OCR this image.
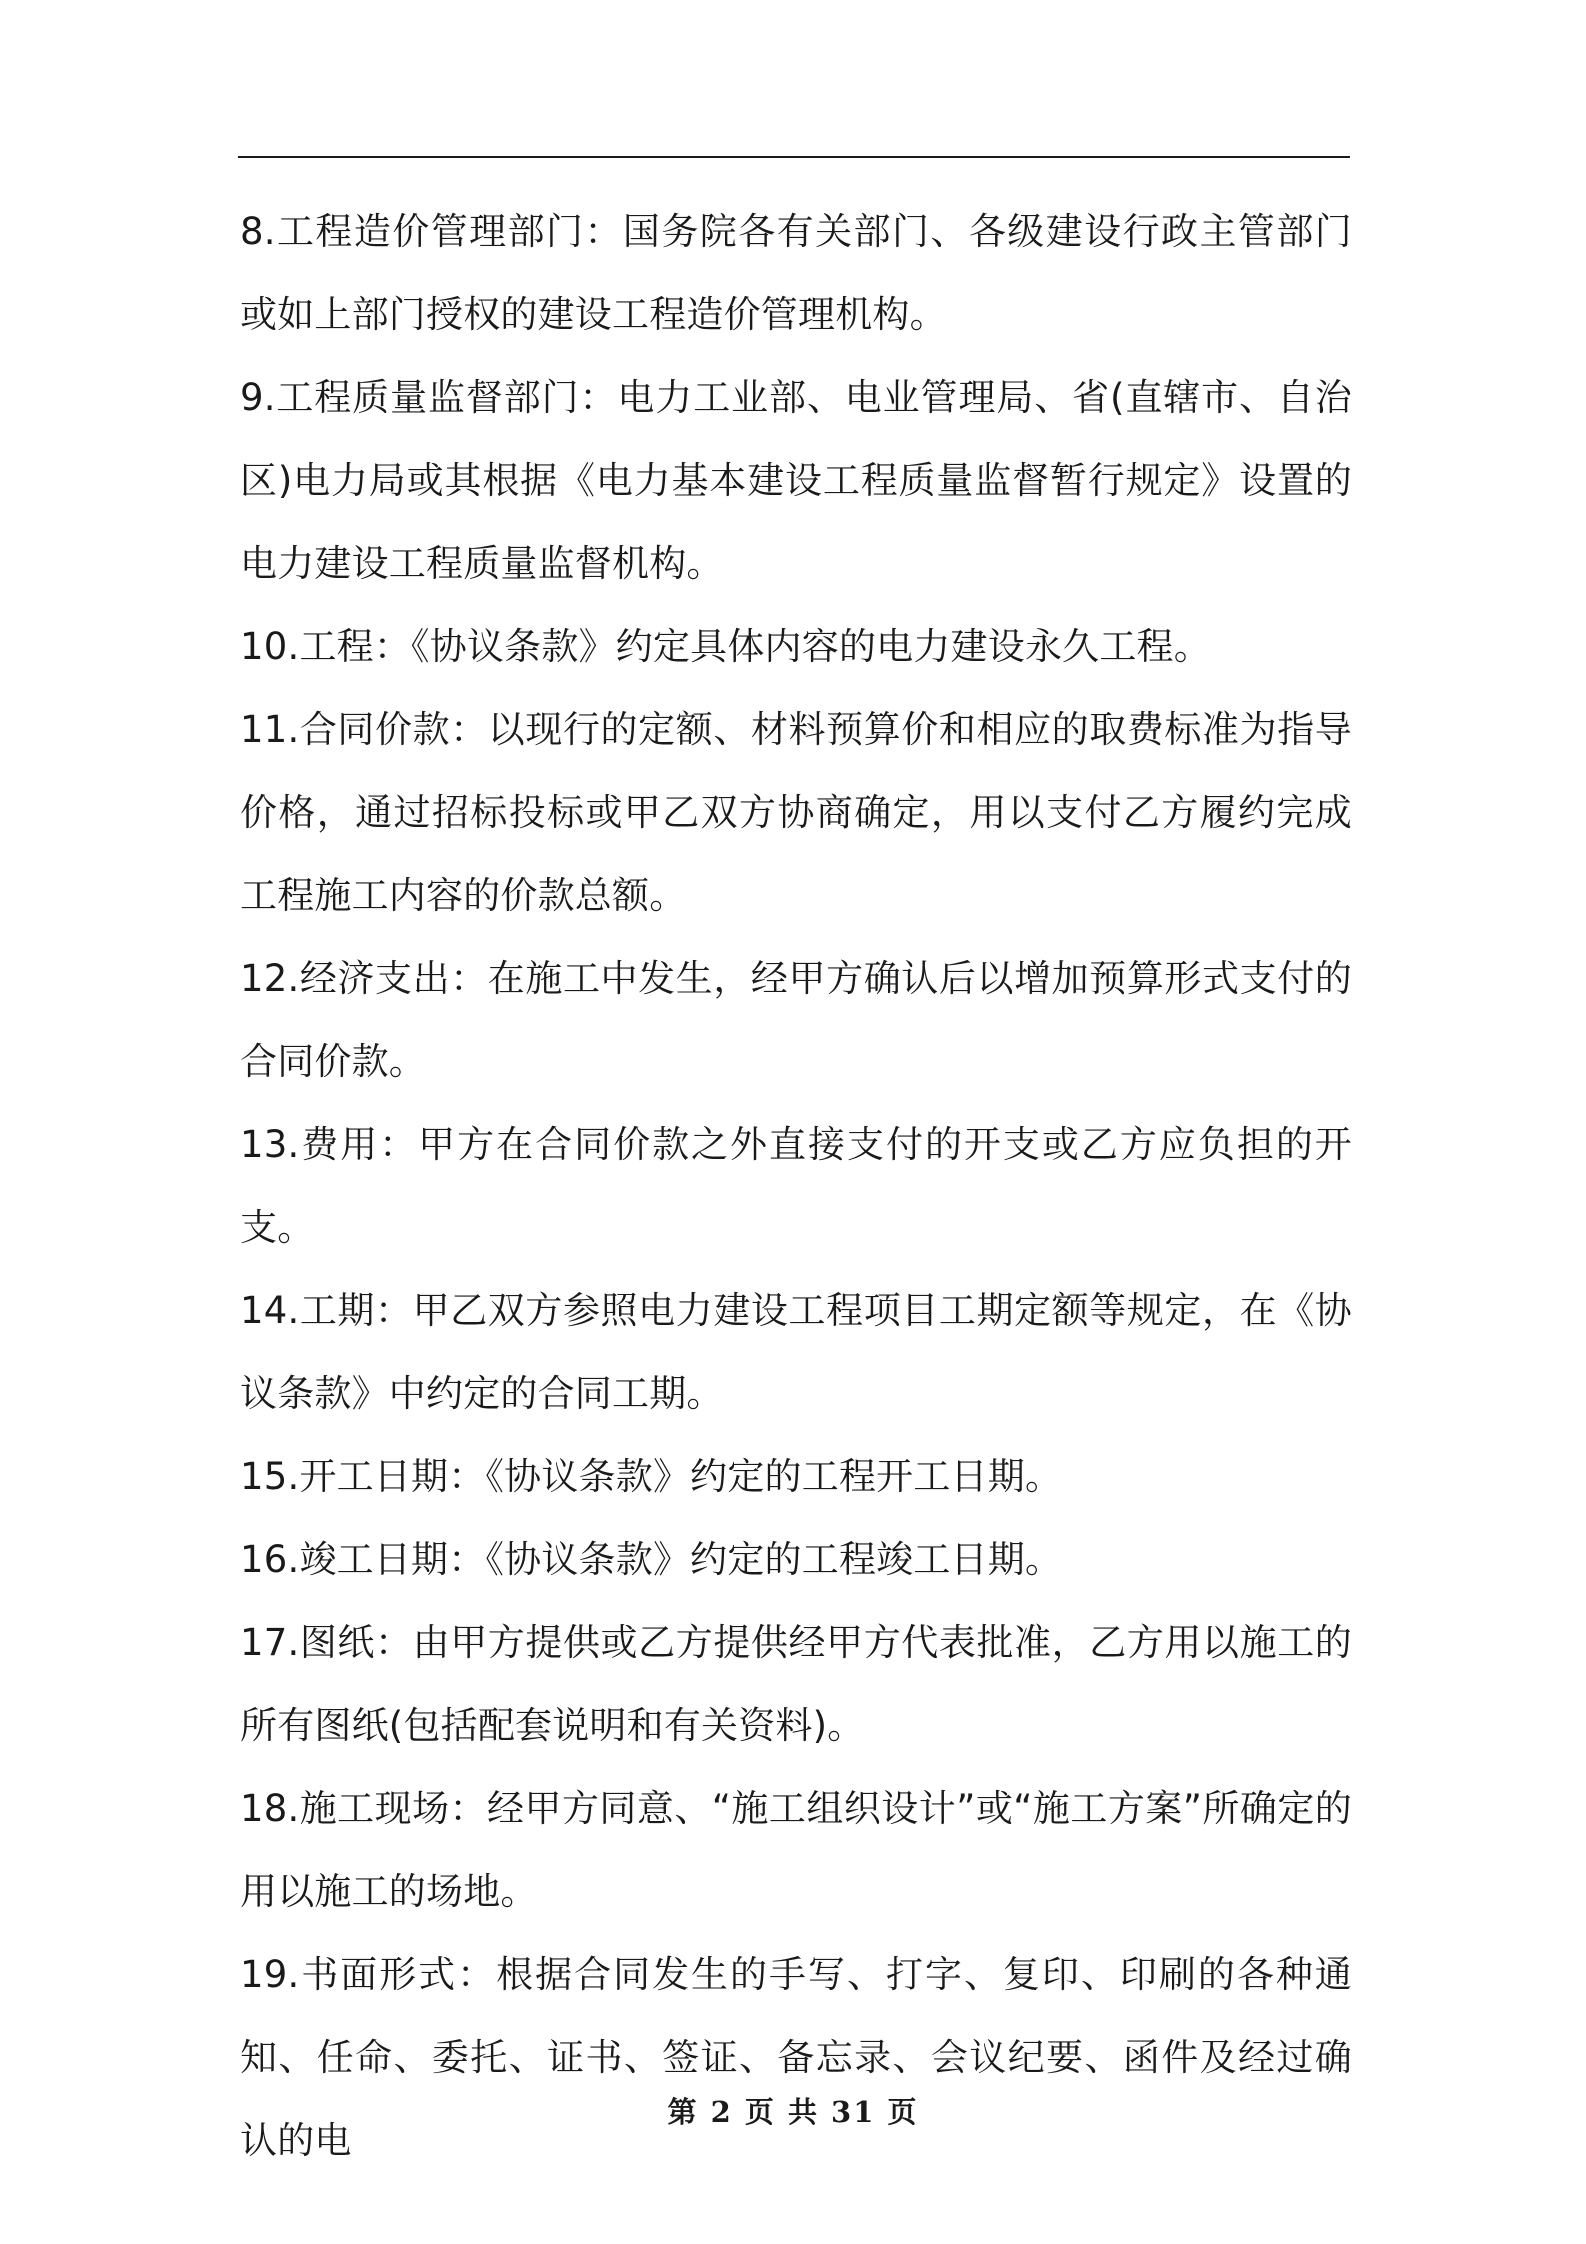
8.工程造价管理部门：国务院各有关部门、各级建设行政主管部门或如上部门授权的建设工程造价管理机构。

9.工程质量监督部门：电力工业部、电业管理局、省(直辖市、自治区)电力局或其根据《电力基本建设工程质量监督暂行规定》设置的电力建设工程质量监督机构。

10.工程：《协议条款》约定具体内容的电力建设永久工程。

11.合同价款：以现行的定额、材料预算价和相应的取费标准为指导价格，通过招标投标或甲乙双方协商确定，用以支付乙方履约完成工程施工内容的价款总额。

12.经济支出：在施工中发生，经甲方确认后以增加预算形式支付的合同价款。

13.费用：甲方在合同价款之外直接支付的开支或乙方应负担的开支。

14.工期：甲乙双方参照电力建设工程项目工期定额等规定，在《协议条款》中约定的合同工期。

15.开工日期：《协议条款》约定的工程开工日期。

16.竣工日期：《协议条款》约定的工程竣工日期。

17.图纸：由甲方提供或乙方提供经甲方代表批准，乙方用以施工的所有图纸(包括配套说明和有关资料)。

18.施工现场：经甲方同意、“施工组织设计”或“施工方案”所确定的用以施工的场地。

19.书面形式：根据合同发生的手写、打字、复印、印刷的各种通知、任命、委托、证书、签证、备忘录、会议纪要、函件及经过确认的电

第 2 页 共 31 页
